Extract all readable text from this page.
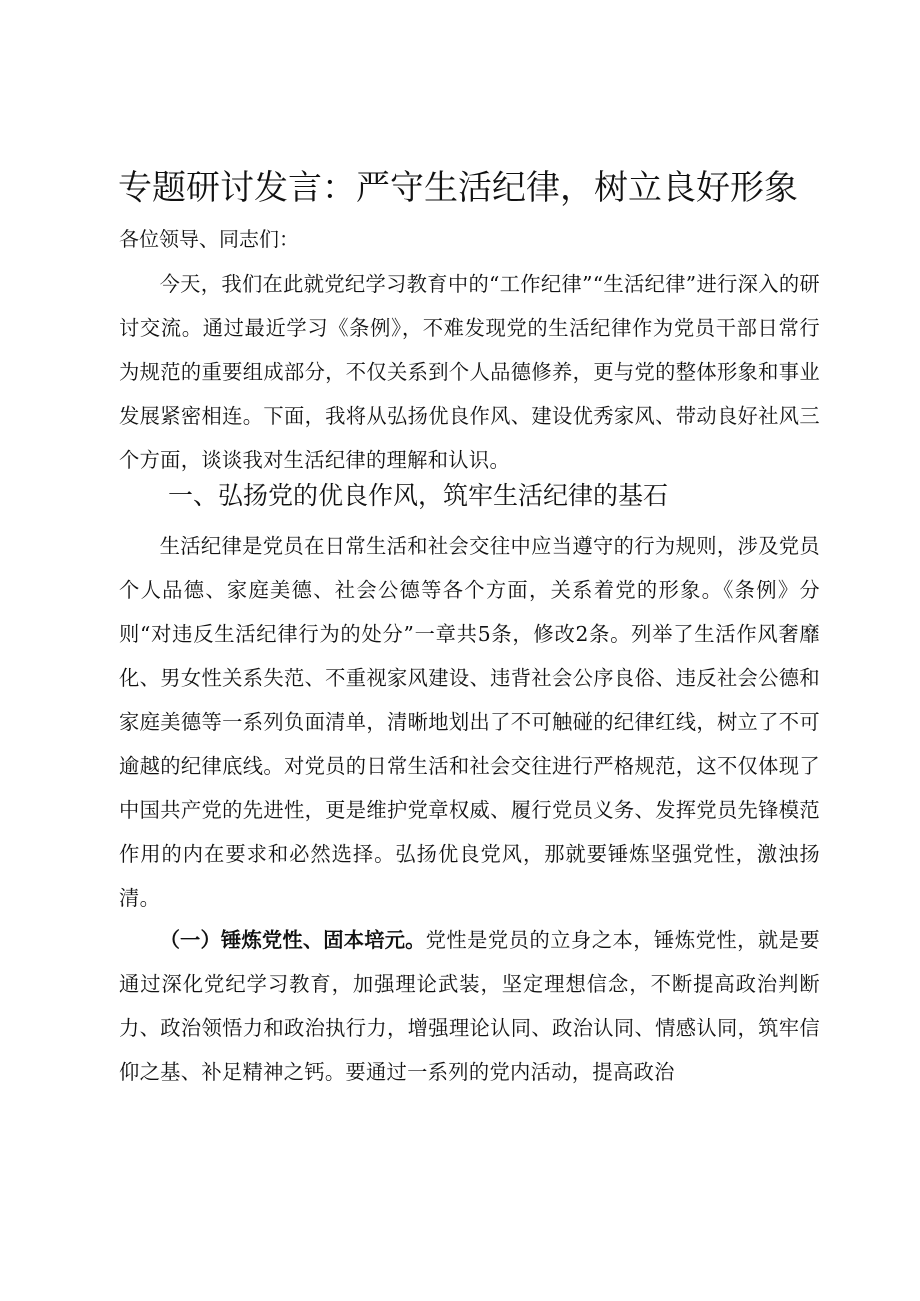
专题研讨发言：严守生活纪律，树立良好形象

各位领导、同志们：

今天，我们在此就党纪学习教育中的“工作纪律”“生活纪律”进行深入的研讨交流。通过最近学习《条例》，不难发现党的生活纪律作为党员干部日常行为规范的重要组成部分，不仅关系到个人品德修养，更与党的整体形象和事业发展紧密相连。下面，我将从弘扬优良作风、建设优秀家风、带动良好社风三个方面，谈谈我对生活纪律的理解和认识。

一、弘扬党的优良作风，筑牢生活纪律的基石

生活纪律是党员在日常生活和社会交往中应当遵守的行为规则，涉及党员个人品德、家庭美德、社会公德等各个方面，关系着党的形象。《条例》分则“对违反生活纪律行为的处分”一章共5条，修改2条。列举了生活作风奢靡化、男女性关系失范、不重视家风建设、违背社会公序良俗、违反社会公德和家庭美德等一系列负面清单，清晰地划出了不可触碰的纪律红线，树立了不可逾越的纪律底线。对党员的日常生活和社会交往进行严格规范，这不仅体现了中国共产党的先进性，更是维护党章权威、履行党员义务、发挥党员先锋模范作用的内在要求和必然选择。弘扬优良党风，那就要锤炼坚强党性，激浊扬清。

（一）锤炼党性、固本培元。党性是党员的立身之本，锤炼党性，就是要通过深化党纪学习教育，加强理论武装，坚定理想信念，不断提高政治判断力、政治领悟力和政治执行力，增强理论认同、政治认同、情感认同，筑牢信仰之基、补足精神之钙。要通过一系列的党内活动，提高政治
